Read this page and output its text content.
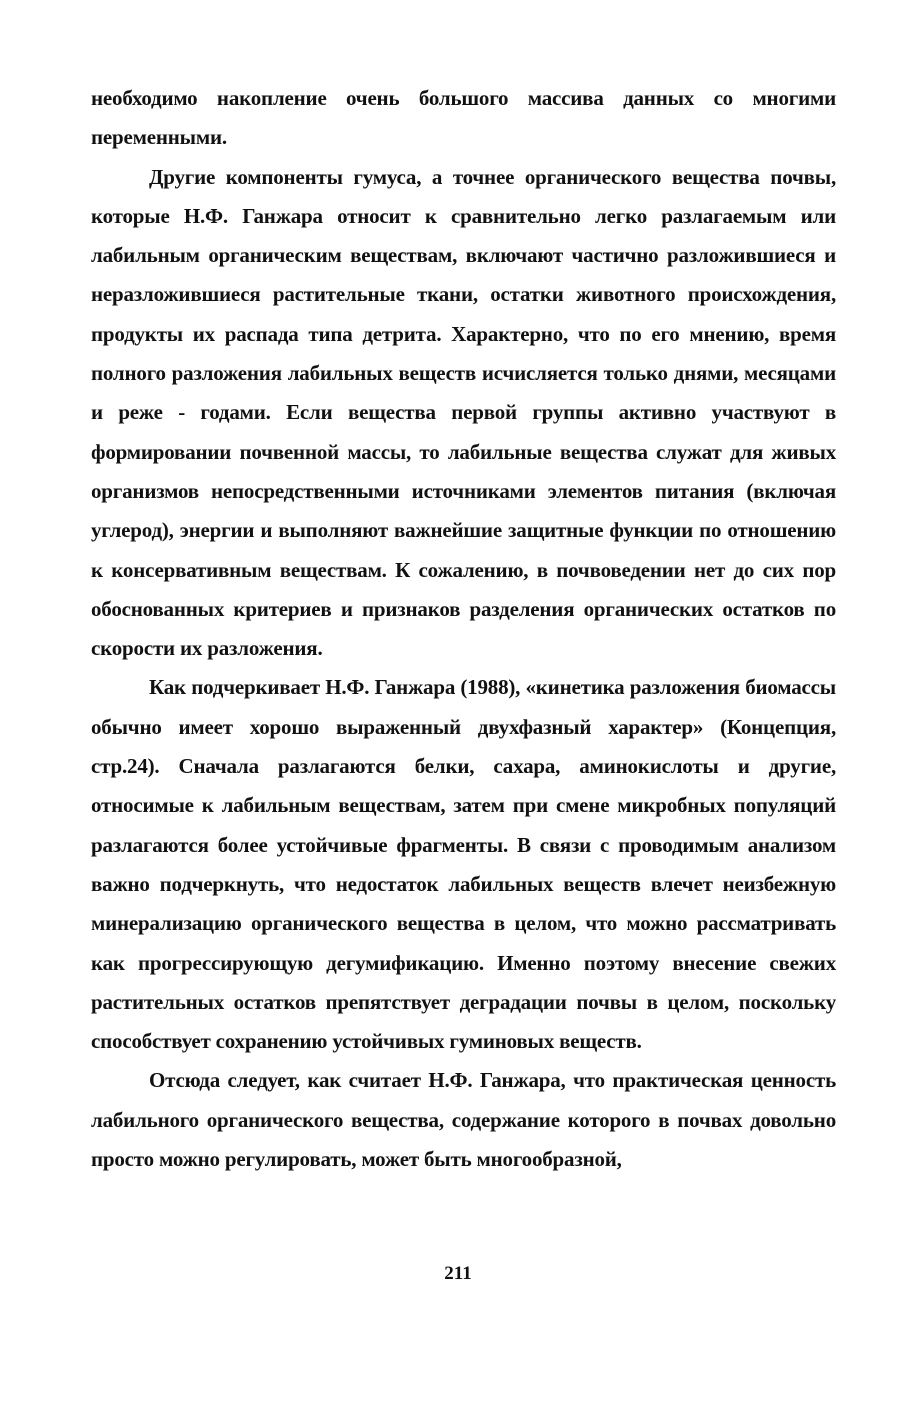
необходимо накопление очень большого массива данных со многими переменными.

Другие компоненты гумуса, а точнее органического вещества почвы, которые Н.Ф. Ганжара относит к сравнительно легко разлагаемым или лабильным органическим веществам, включают частично разложившиеся и неразложившиеся растительные ткани, остатки животного происхождения, продукты их распада типа детрита. Характерно, что по его мнению, время полного разложения лабильных веществ исчисляется только днями, месяцами и реже - годами. Если вещества первой группы активно участвуют в формировании почвенной массы, то лабильные вещества служат для живых организмов непосредственными источниками элементов питания (включая углерод), энергии и выполняют важнейшие защитные функции по отношению к консервативным веществам. К сожалению, в почвоведении нет до сих пор обоснованных критериев и признаков разделения органических остатков по скорости их разложения.

Как подчеркивает Н.Ф. Ганжара (1988), «кинетика разложения биомассы обычно имеет хорошо выраженный двухфазный характер» (Концепция, стр.24). Сначала разлагаются белки, сахара, аминокислоты и другие, относимые к лабильным веществам, затем при смене микробных популяций разлагаются более устойчивые фрагменты. В связи с проводимым анализом важно подчеркнуть, что недостаток лабильных веществ влечет неизбежную минерализацию органического вещества в целом, что можно рассматривать как прогрессирующую дегумификацию. Именно поэтому внесение свежих растительных остатков препятствует деградации почвы в целом, поскольку способствует сохранению устойчивых гуминовых веществ.

Отсюда следует, как считает Н.Ф. Ганжара, что практическая ценность лабильного органического вещества, содержание которого в почвах довольно просто можно регулировать, может быть многообразной,

211
